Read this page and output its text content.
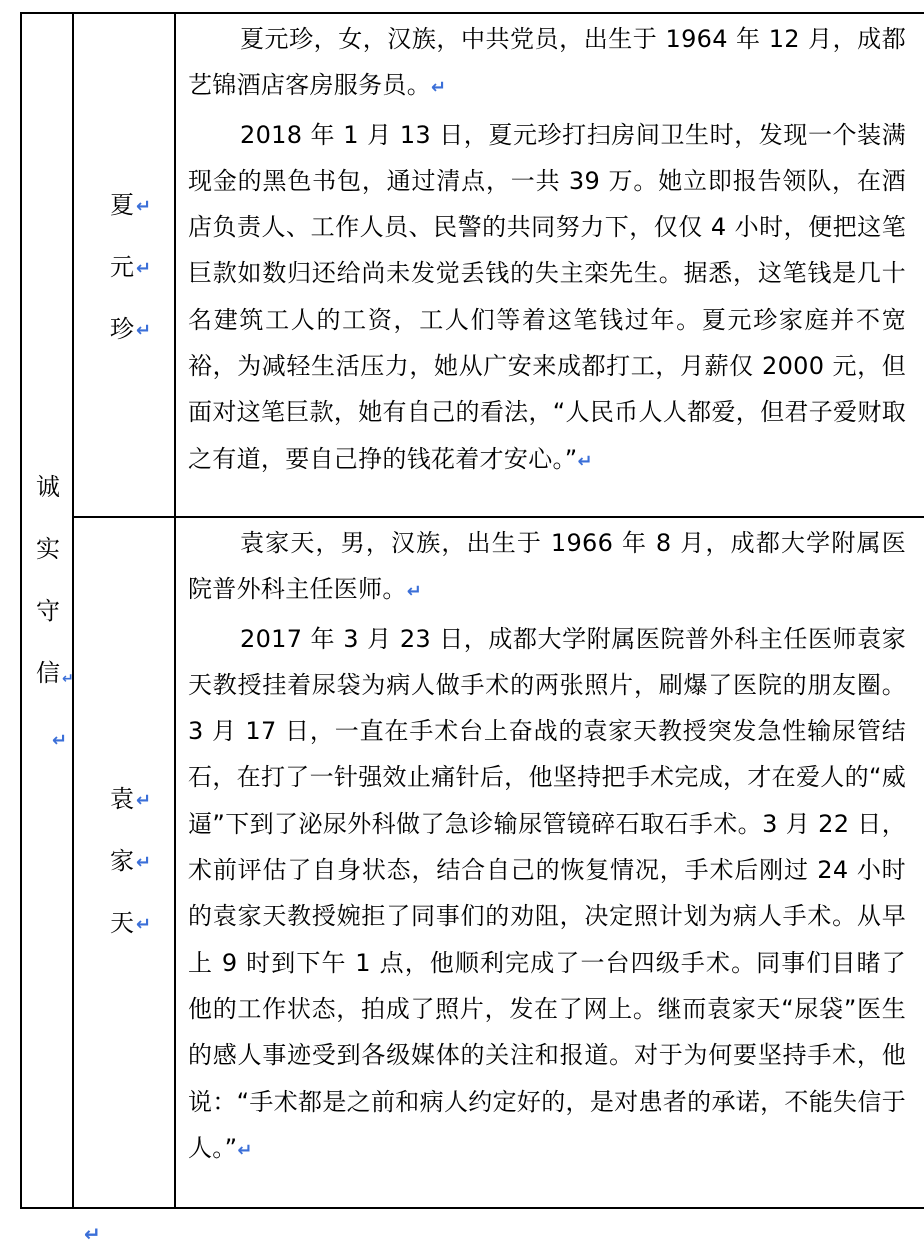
诚
实
守
信 ↵
↵
夏 ↵
元 ↵
珍 ↵

夏元珍，女，汉族，中共党员，出生于 1964 年 12 月，成都艺锦酒店客房服务员。↵

2018 年 1 月 13 日，夏元珍打扫房间卫生时，发现一个装满现金的黑色书包，通过清点，一共 39 万。她立即报告领队，在酒店负责人、工作人员、民警的共同努力下，仅仅 4 小时，便把这笔巨款如数归还给尚未发觉丢钱的失主栾先生。据悉，这笔钱是几十名建筑工人的工资，工人们等着这笔钱过年。夏元珍家庭并不宽裕，为减轻生活压力，她从广安来成都打工，月薪仅 2000 元，但面对这笔巨款，她有自己的看法，“人民币人人都爱，但君子爱财取之有道，要自己挣的钱花着才安心。”↵

袁 ↵
家 ↵
天 ↵

袁家天，男，汉族，出生于 1966 年 8 月，成都大学附属医院普外科主任医师。↵

2017 年 3 月 23 日，成都大学附属医院普外科主任医师袁家天教授挂着尿袋为病人做手术的两张照片，刷爆了医院的朋友圈。3 月 17 日，一直在手术台上奋战的袁家天教授突发急性输尿管结石，在打了一针强效止痛针后，他坚持把手术完成，才在爱人的“威逼”下到了泌尿外科做了急诊输尿管镜碎石取石手术。3 月 22 日，术前评估了自身状态，结合自己的恢复情况，手术后刚过 24 小时的袁家天教授婉拒了同事们的劝阻，决定照计划为病人手术。从早上 9 时到下午 1 点，他顺利完成了一台四级手术。同事们目睹了他的工作状态，拍成了照片，发在了网上。继而袁家天“尿袋”医生的感人事迹受到各级媒体的关注和报道。对于为何要坚持手术，他说：“手术都是之前和病人约定好的，是对患者的承诺，不能失信于人。”↵

↵
